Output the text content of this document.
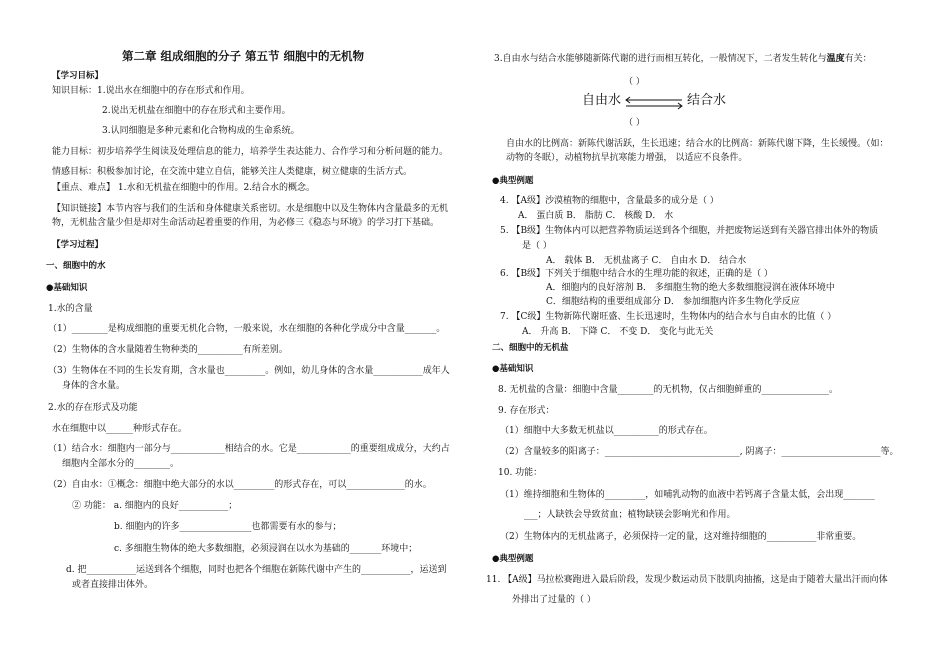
第二章 组成细胞的分子 第五节 细胞中的无机物
【学习目标】
知识目标：1.说出水在细胞中的存在形式和作用。
2.说出无机盐在细胞中的存在形式和主要作用。
3.认同细胞是多种元素和化合物构成的生命系统。
能力目标：初步培养学生阅读及处理信息的能力，培养学生表达能力、合作学习和分析问题的能力。
情感目标：积极参加讨论，在交流中建立自信，能够关注人类健康，树立健康的生活方式。
【重点、难点】 1.水和无机盐在细胞中的作用。2.结合水的概念。
【知识链接】本节内容与我们的生活和身体健康关系密切。水是细胞中以及生物体内含量最多的无机
物，无机盐含量少但是却对生命活动起着重要的作用，为必修三《稳态与环境》的学习打下基础。
【学习过程】
一、细胞中的水
●基础知识
1.水的含量
（1）________是构成细胞的重要无机化合物，一般来说，水在细胞的各种化学成分中含量_______。
（2）生物体的含水量随着生物种类的__________有所差别。
（3）生物体在不同的生长发育期，含水量也_________。例如，幼儿身体的含水量___________成年人
身体的含水量。
2.水的存在形式及功能
水在细胞中以______种形式存在。
（1）结合水：细胞内一部分与____________相结合的水。它是____________的重要组成成分，大约占
细胞内全部水分的________。
（2）自由水：①概念：细胞中绝大部分的水以_________的形式存在，可以_____________的水。
② 功能： a. 细胞内的良好___________；
b. 细胞内的许多________________也都需要有水的参与；
c. 多细胞生物体的绝大多数细胞，必须浸润在以水为基础的_______环境中；
d. 把___________运送到各个细胞，同时也把各个细胞在新陈代谢中产生的___________，运送到
或者直接排出体外。
3.自由水与结合水能够随新陈代谢的进行而相互转化，一般情况下，二者发生转化与温度有关：
（ ）
自由水	结合水
（ ）
自由水的比例高：新陈代谢活跃，生长迅速；结合水的比例高：新陈代谢下降，生长缓慢。（如：
动物的冬眠），动植物抗旱抗寒能力增强， 以适应不良条件。
●典型例题
4. 【A级】沙漠植物的细胞中，含量最多的成分是（ ）
A． 蛋白质 B． 脂肪 C． 核酸 D． 水
5. 【B级】生物体内可以把营养物质运送到各个细胞，并把废物运送到有关器官排出体外的物质
是（ ）
A． 载体 B． 无机盐离子 C． 自由水 D． 结合水
6. 【B级】下列关于细胞中结合水的生理功能的叙述，正确的是（ ）
A．细胞内的良好溶剂 B． 多细胞生物的绝大多数细胞浸润在液体环境中
C．细胞结构的重要组成部分 D． 参加细胞内许多生物化学反应
7. 【C级】生物新陈代谢旺盛、生长迅速时，生物体内的结合水与自由水的比值（ ）
A． 升高 B． 下降 C． 不变 D． 变化与此无关
二、细胞中的无机盐
●基础知识
8. 无机盐的含量：细胞中含量________的无机物，仅占细胞鲜重的_______________。
9. 存在形式：
（1）细胞中大多数无机盐以__________的形式存在。
（2）含量较多的阳离子：______________________________, 阴离子：______________________等。
10. 功能：
（1）维持细胞和生物体的_________，如哺乳动物的血液中若钙离子含量太低，会出现_______
___；人缺铁会导致贫血；植物缺镁会影响光和作用。
（2）生物体内的无机盐离子，必须保持一定的量，这对维持细胞的___________非常重要。
●典型例题
11. 【A级】马拉松赛跑进入最后阶段，发现少数运动员下肢肌肉抽搐，这是由于随着大量出汗而向体
外排出了过量的（ ）
